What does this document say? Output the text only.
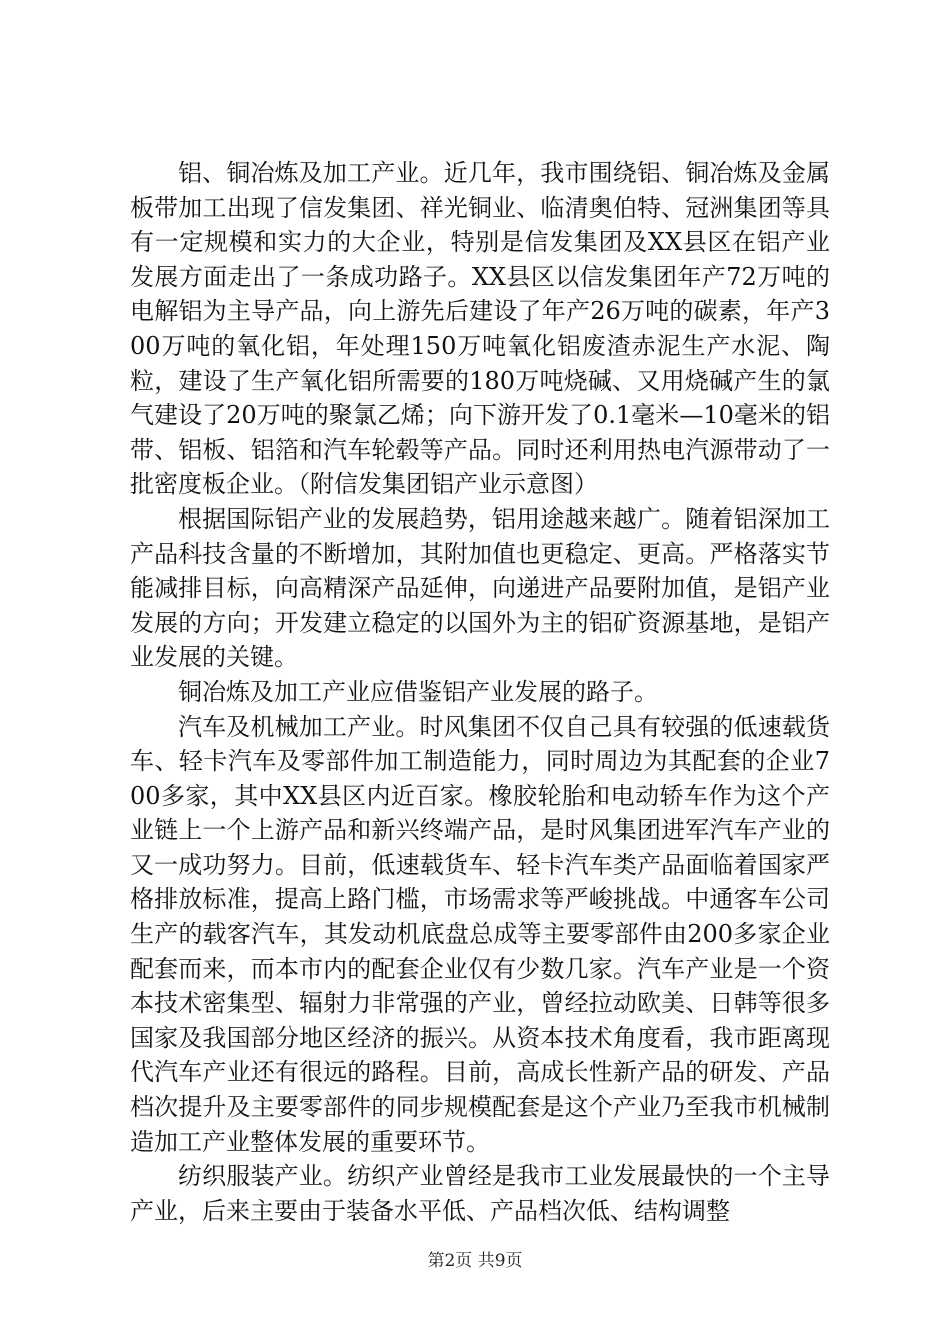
铝、铜冶炼及加工产业。近几年，我市围绕铝、铜冶炼及金属板带加工出现了信发集团、祥光铜业、临清奥伯特、冠洲集团等具有一定规模和实力的大企业，特别是信发集团及XX县区在铝产业发展方面走出了一条成功路子。XX县区以信发集团年产72万吨的电解铝为主导产品，向上游先后建设了年产26万吨的碳素，年产300万吨的氧化铝，年处理150万吨氧化铝废渣赤泥生产水泥、陶粒，建设了生产氧化铝所需要的180万吨烧碱、又用烧碱产生的氯气建设了20万吨的聚氯乙烯；向下游开发了0.1毫米—10毫米的铝带、铝板、铝箔和汽车轮毂等产品。同时还利用热电汽源带动了一批密度板企业。（附信发集团铝产业示意图）

根据国际铝产业的发展趋势，铝用途越来越广。随着铝深加工产品科技含量的不断增加，其附加值也更稳定、更高。严格落实节能减排目标，向高精深产品延伸，向递进产品要附加值，是铝产业发展的方向；开发建立稳定的以国外为主的铝矿资源基地，是铝产业发展的关键。

铜冶炼及加工产业应借鉴铝产业发展的路子。

汽车及机械加工产业。时风集团不仅自己具有较强的低速载货车、轻卡汽车及零部件加工制造能力，同时周边为其配套的企业700多家，其中XX县区内近百家。橡胶轮胎和电动轿车作为这个产业链上一个上游产品和新兴终端产品，是时风集团进军汽车产业的又一成功努力。目前，低速载货车、轻卡汽车类产品面临着国家严格排放标准，提高上路门槛，市场需求等严峻挑战。中通客车公司生产的载客汽车，其发动机底盘总成等主要零部件由200多家企业配套而来，而本市内的配套企业仅有少数几家。汽车产业是一个资本技术密集型、辐射力非常强的产业，曾经拉动欧美、日韩等很多国家及我国部分地区经济的振兴。从资本技术角度看，我市距离现代汽车产业还有很远的路程。目前，高成长性新产品的研发、产品档次提升及主要零部件的同步规模配套是这个产业乃至我市机械制造加工产业整体发展的重要环节。

纺织服装产业。纺织产业曾经是我市工业发展最快的一个主导产业，后来主要由于装备水平低、产品档次低、结构调整

第2页 共9页
